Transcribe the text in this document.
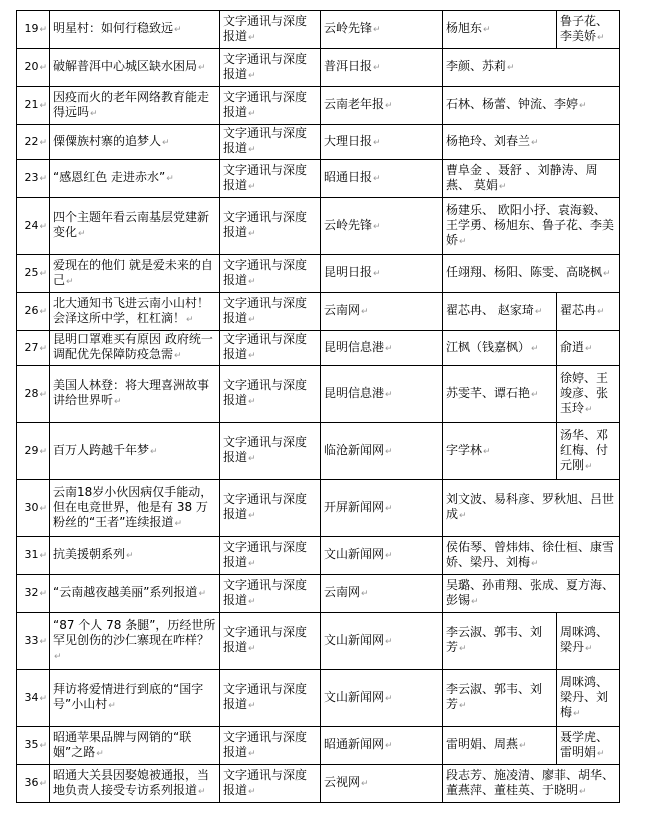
19↵	明星村：如何行稳致远↵	文字通讯与深度报道↵	云岭先锋↵	杨旭东↵	鲁子花、李美娇↵
20↵	破解普洱中心城区缺水困局↵	文字通讯与深度报道↵	普洱日报↵	李颜、苏莉↵	
21↵	因疫而火的老年网络教育能走得远吗↵	文字通讯与深度报道↵	云南老年报↵	石林、杨蕾、钟流、李婷↵	
22↵	傈僳族村寨的追梦人↵	文字通讯与深度报道↵	大理日报↵	杨艳玲、刘春兰↵	
23↵	“感恩红色 走进赤水”↵	文字通讯与深度报道↵	昭通日报↵	曹阜金 、聂舒 、刘静涛、周燕、 莫娟↵	
24↵	四个主题年看云南基层党建新变化↵	文字通讯与深度报道↵	云岭先锋↵	杨建乐、 欧阳小抒、袁海毅、王学勇、杨旭东、鲁子花、李美娇↵	
25↵	爱现在的他们 就是爱未来的自己↵	文字通讯与深度报道↵	昆明日报↵	任翊翔、杨阳、陈雯、高晓枫↵	
26↵	北大通知书飞进云南小山村！会泽这所中学，杠杠滴！↵	文字通讯与深度报道↵	云南网↵	翟芯冉、 赵家琦↵	翟芯冉↵
27↵	昆明口罩难买有原因 政府统一调配优先保障防疫急需↵	文字通讯与深度报道↵	昆明信息港↵	江枫（钱嘉枫）↵	俞逍↵
28↵	美国人林登：将大理喜洲故事讲给世界听↵	文字通讯与深度报道↵	昆明信息港↵	苏雯芊、谭石艳↵	徐婷、王竣彦、张玉玲↵
29↵	百万人跨越千年梦↵	文字通讯与深度报道↵	临沧新闻网↵	字学林↵	汤华、邓红梅、付元刚↵
30↵	云南18岁小伙因病仅手能动，但在电竞世界，他是有 38 万粉丝的“王者”连续报道↵	文字通讯与深度报道↵	开屏新闻网↵	刘文波、易科彦、罗秋旭、吕世成↵	
31↵	抗美援朝系列↵	文字通讯与深度报道↵	文山新闻网↵	侯佑琴、曾炜炜、徐仕桓、康雪娇、梁丹、刘梅↵	
32↵	“云南越夜越美丽”系列报道↵	文字通讯与深度报道↵	云南网↵	吴璐、孙甫翔、张成、夏方海、彭锡↵	
33↵	“87 个人 78 条腿”，历经世所罕见创伤的沙仁寨现在咋样？↵	文字通讯与深度报道↵	文山新闻网↵	李云淑、郭韦、刘芳↵	周咪鸿、梁丹↵
34↵	拜访将爱情进行到底的“国字号”小山村↵	文字通讯与深度报道↵	文山新闻网↵	李云淑、郭韦、刘芳↵	周咪鸿、梁丹、刘梅↵
35↵	昭通苹果品牌与网销的“联姻”之路↵	文字通讯与深度报道↵	昭通新闻网↵	雷明娟、周燕↵	聂学虎、雷明娟↵
36↵	昭通大关县因娶媳被通报，当地负责人接受专访系列报道↵	文字通讯与深度报道↵	云视网↵	段志芳、施凌清、廖菲、胡华、董燕萍、董桂英、于晓明↵	
